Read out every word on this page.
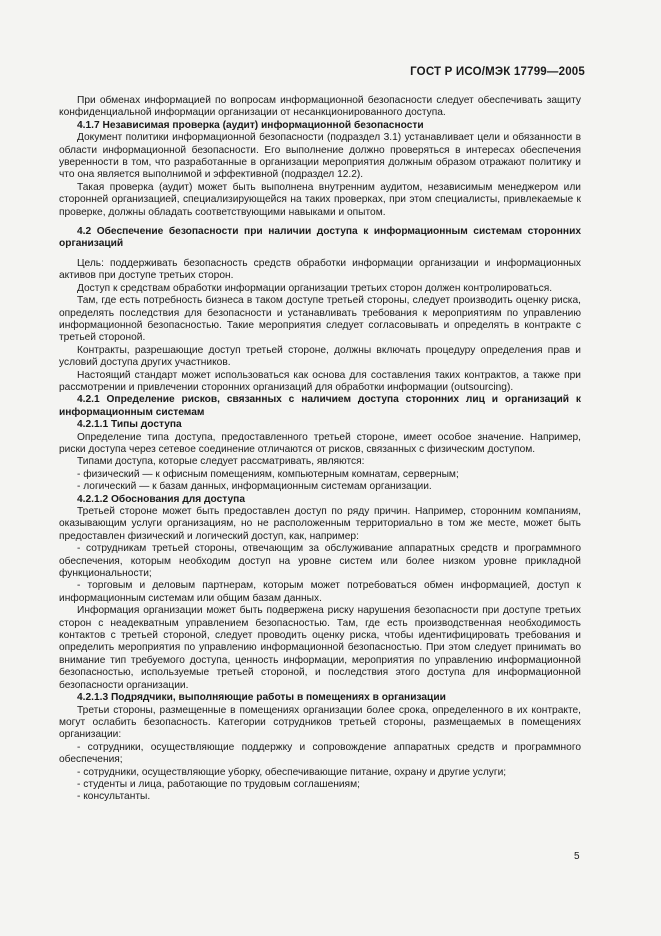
ГОСТ Р ИСО/МЭК 17799—2005

При обменах информацией по вопросам информационной безопасности следует обеспечивать защиту конфиденциальной информации организации от несанкционированного доступа.

4.1.7 Независимая проверка (аудит) информационной безопасности

Документ политики информационной безопасности (подраздел 3.1) устанавливает цели и обязанности в области информационной безопасности. Его выполнение должно проверяться в интересах обеспечения уверенности в том, что разработанные в организации мероприятия должным образом отражают политику и что она является выполнимой и эффективной (подраздел 12.2).

Такая проверка (аудит) может быть выполнена внутренним аудитом, независимым менеджером или сторонней организацией, специализирующейся на таких проверках, при этом специалисты, привлекаемые к проверке, должны обладать соответствующими навыками и опытом.

4.2 Обеспечение безопасности при наличии доступа к информационным системам сторонних организаций

Цель: поддерживать безопасность средств обработки информации организации и информационных активов при доступе третьих сторон.

Доступ к средствам обработки информации организации третьих сторон должен контролироваться.

Там, где есть потребность бизнеса в таком доступе третьей стороны, следует производить оценку риска, определять последствия для безопасности и устанавливать требования к мероприятиям по управлению информационной безопасностью. Такие мероприятия следует согласовывать и определять в контракте с третьей стороной.

Контракты, разрешающие доступ третьей стороне, должны включать процедуру определения прав и условий доступа других участников.

Настоящий стандарт может использоваться как основа для составления таких контрактов, а также при рассмотрении и привлечении сторонних организаций для обработки информации (outsourcing).

4.2.1 Определение рисков, связанных с наличием доступа сторонних лиц и организаций к информационным системам

4.2.1.1 Типы доступа

Определение типа доступа, предоставленного третьей стороне, имеет особое значение. Например, риски доступа через сетевое соединение отличаются от рисков, связанных с физическим доступом.

Типами доступа, которые следует рассматривать, являются:

- физический — к офисным помещениям, компьютерным комнатам, серверным;

- логический — к базам данных, информационным системам организации.

4.2.1.2 Обоснования для доступа

Третьей стороне может быть предоставлен доступ по ряду причин. Например, сторонним компаниям, оказывающим услуги организациям, но не расположенным территориально в том же месте, может быть предоставлен физический и логический доступ, как, например:

- сотрудникам третьей стороны, отвечающим за обслуживание аппаратных средств и программного обеспечения, которым необходим доступ на уровне систем или более низком уровне прикладной функциональности;

- торговым и деловым партнерам, которым может потребоваться обмен информацией, доступ к информационным системам или общим базам данных.

Информация организации может быть подвержена риску нарушения безопасности при доступе третьих сторон с неадекватным управлением безопасностью. Там, где есть производственная необходимость контактов с третьей стороной, следует проводить оценку риска, чтобы идентифицировать требования и определить мероприятия по управлению информационной безопасностью. При этом следует принимать во внимание тип требуемого доступа, ценность информации, мероприятия по управлению информационной безопасностью, используемые третьей стороной, и последствия этого доступа для информационной безопасности организации.

4.2.1.3 Подрядчики, выполняющие работы в помещениях в организации

Третьи стороны, размещенные в помещениях организации более срока, определенного в их контракте, могут ослабить безопасность. Категории сотрудников третьей стороны, размещаемых в помещениях организации:

- сотрудники, осуществляющие поддержку и сопровождение аппаратных средств и программного обеспечения;

- сотрудники, осуществляющие уборку, обеспечивающие питание, охрану и другие услуги;

- студенты и лица, работающие по трудовым соглашениям;

- консультанты.

5
